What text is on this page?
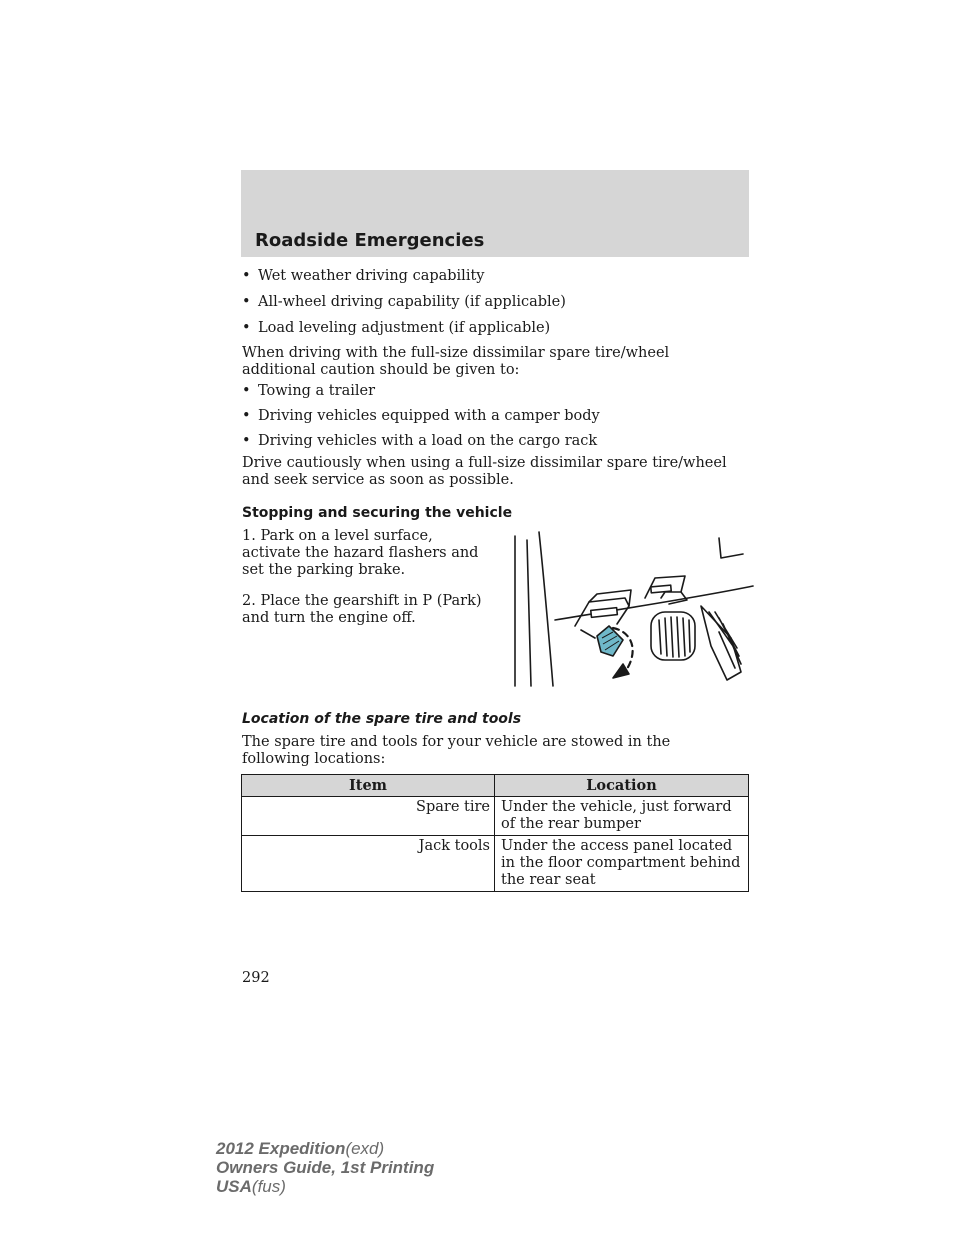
Roadside Emergencies
• Wet weather driving capability
• All-wheel driving capability (if applicable)
• Load leveling adjustment (if applicable)
When driving with the full-size dissimilar spare tire/wheel additional caution should be given to:
• Towing a trailer
• Driving vehicles equipped with a camper body
• Driving vehicles with a load on the cargo rack
Drive cautiously when using a full-size dissimilar spare tire/wheel and seek service as soon as possible.
Stopping and securing the vehicle
1. Park on a level surface, activate the hazard flashers and set the parking brake.
2. Place the gearshift in P (Park) and turn the engine off.
Location of the spare tire and tools
The spare tire and tools for your vehicle are stowed in the following locations:
Item	Location
Spare tire	Under the vehicle, just forward of the rear bumper
Jack tools	Under the access panel located in the floor compartment behind the rear seat
292
2012 Expedition(exd)
Owners Guide, 1st Printing
USA(fus)
